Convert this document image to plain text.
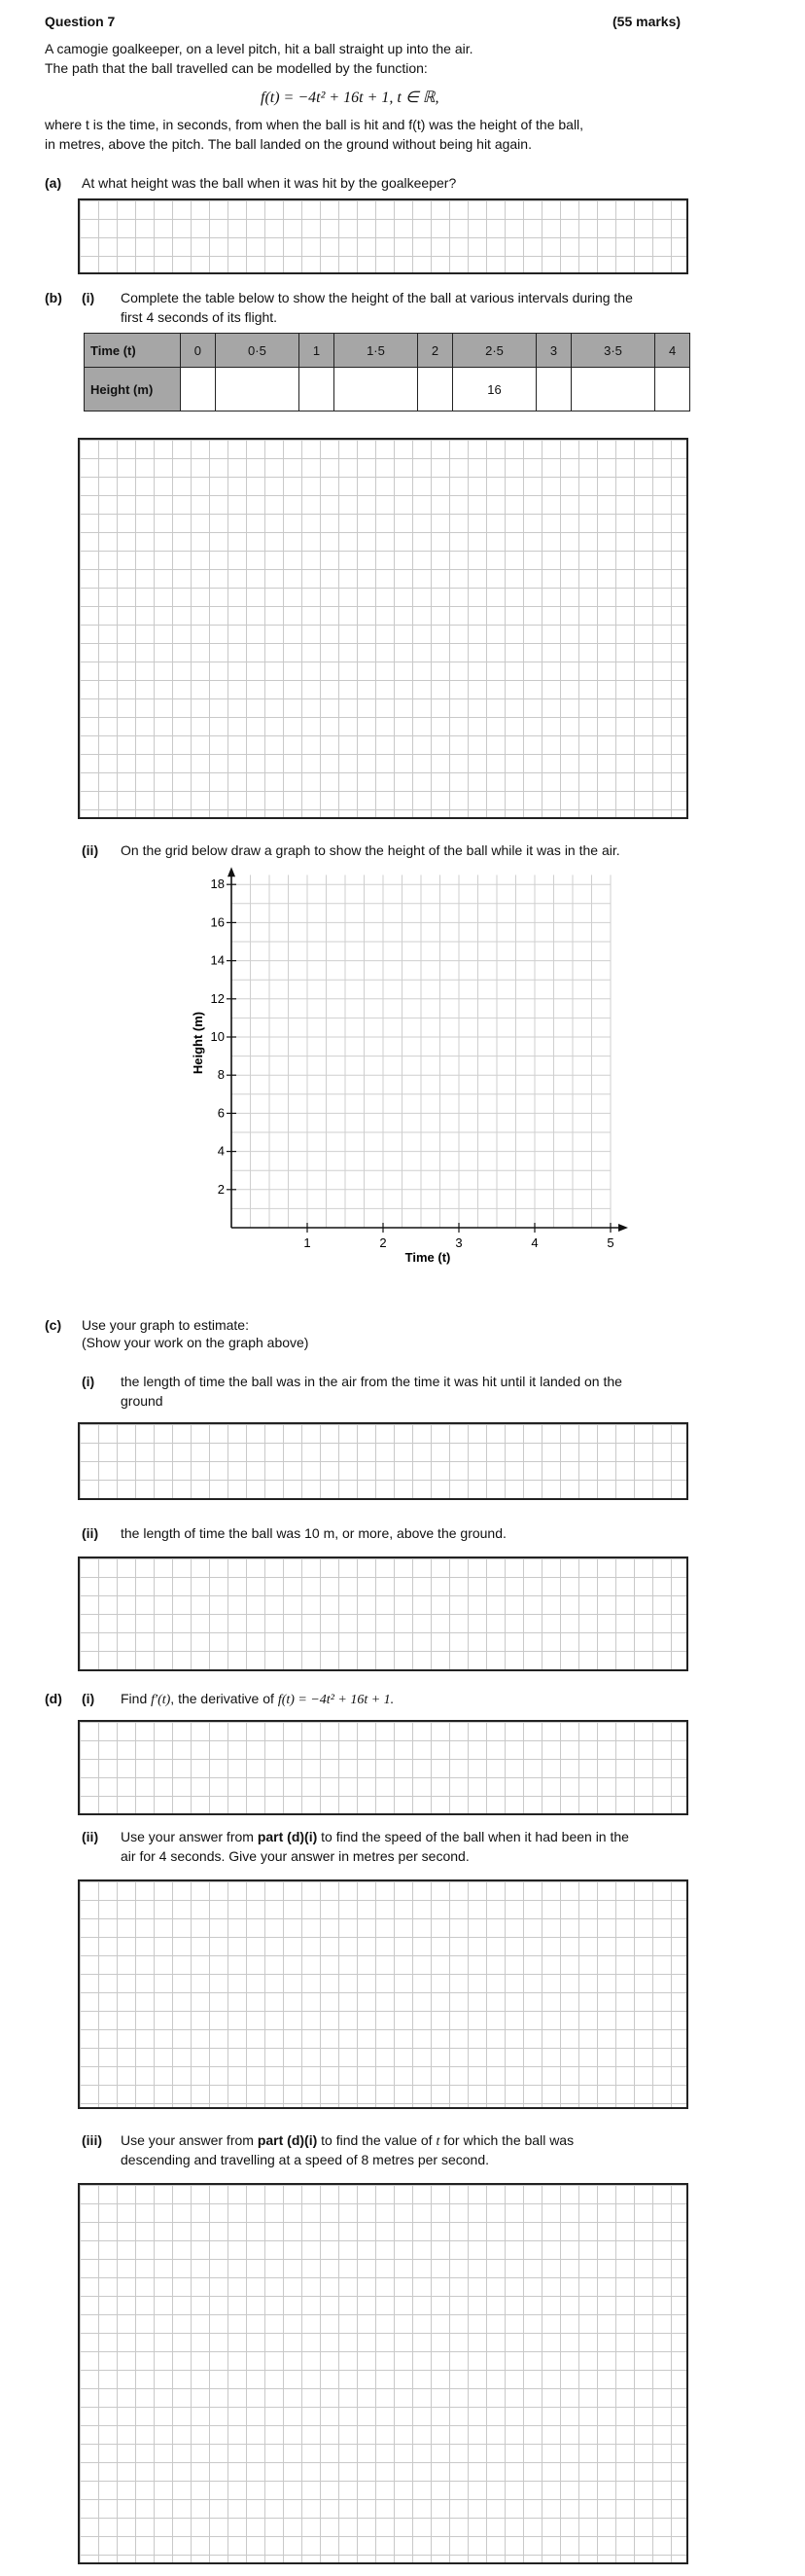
Question 7	(55 marks)
A camogie goalkeeper, on a level pitch, hit a ball straight up into the air.
The path that the ball travelled can be modelled by the function:
f(t) = −4t² + 16t + 1, t ∈ ℝ,
where t is the time, in seconds, from when the ball is hit and f(t) was the height of the ball,
in metres, above the pitch. The ball landed on the ground without being hit again.
(a) At what height was the ball when it was hit by the goalkeeper?
(b) (i) Complete the table below to show the height of the ball at various intervals during the
first 4 seconds of its flight.
Time (t)	0	0·5	1	1·5	2	2·5	3	3·5	4
Height (m)						16			
(ii) On the grid below draw a graph to show the height of the ball while it was in the air.
1	2	3	4	5
2
4
6
8
10
12
14
16
18
Time (t)
Height (m)
(c) Use your graph to estimate:
(Show your work on the graph above)
(i) the length of time the ball was in the air from the time it was hit until it landed on the
ground
(ii) the length of time the ball was 10 m, or more, above the ground.
(d) (i) Find f′(t), the derivative of f(t) = −4t² + 16t + 1.
(ii) Use your answer from part (d)(i) to find the speed of the ball when it had been in the
air for 4 seconds. Give your answer in metres per second.
(iii) Use your answer from part (d)(i) to find the value of t for which the ball was
descending and travelling at a speed of 8 metres per second.
